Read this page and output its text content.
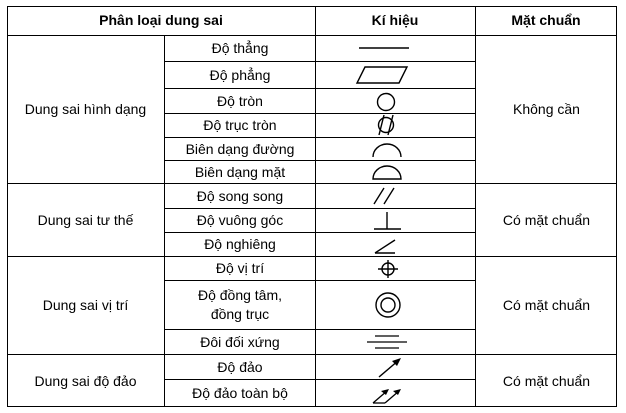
Phân loại dung sai	Kí hiệu	Mặt chuẩn
Dung sai hình dạng
Dung sai tư thế
Dung sai vị trí
Dung sai độ đảo
Không cần
Có mặt chuẩn
Có mặt chuẩn
Có mặt chuẩn
Độ thẳng
Độ phẳng
Độ tròn
Độ trục tròn
Biên dạng đường
Biên dạng mặt
Độ song song
Độ vuông góc
Độ nghiêng
Độ vị trí
Độ đồng tâm, đồng trục
Đôi đối xứng
Độ đảo
Độ đảo toàn bộ
